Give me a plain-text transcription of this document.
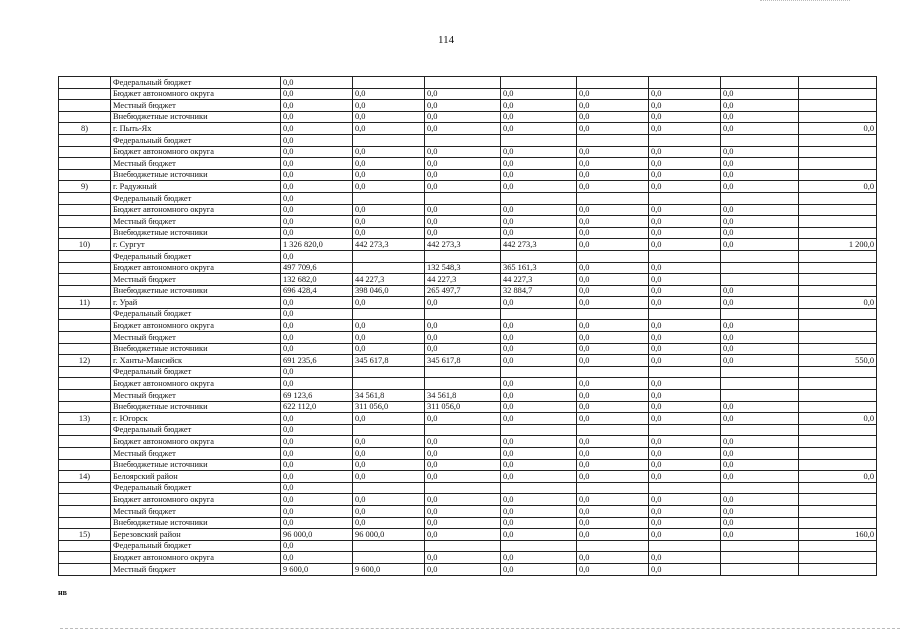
114
	Федеральный бюджет	0,0							
	Бюджет автономного округа	0,0	0,0	0,0	0,0	0,0	0,0	0,0	
	Местный бюджет	0,0	0,0	0,0	0,0	0,0	0,0	0,0	
	Внебюджетные источники	0,0	0,0	0,0	0,0	0,0	0,0	0,0	
8)	г. Пыть-Ях	0,0	0,0	0,0	0,0	0,0	0,0	0,0	0,0
	Федеральный бюджет	0,0							
	Бюджет автономного округа	0,0	0,0	0,0	0,0	0,0	0,0	0,0	
	Местный бюджет	0,0	0,0	0,0	0,0	0,0	0,0	0,0	
	Внебюджетные источники	0,0	0,0	0,0	0,0	0,0	0,0	0,0	
9)	г. Радужный	0,0	0,0	0,0	0,0	0,0	0,0	0,0	0,0
	Федеральный бюджет	0,0							
	Бюджет автономного округа	0,0	0,0	0,0	0,0	0,0	0,0	0,0	
	Местный бюджет	0,0	0,0	0,0	0,0	0,0	0,0	0,0	
	Внебюджетные источники	0,0	0,0	0,0	0,0	0,0	0,0	0,0	
10)	г. Сургут	1 326 820,0	442 273,3	442 273,3	442 273,3	0,0	0,0	0,0	1 200,0
	Федеральный бюджет	0,0							
	Бюджет автономного округа	497 709,6		132 548,3	365 161,3	0,0	0,0		
	Местный бюджет	132 682,0	44 227,3	44 227,3	44 227,3	0,0	0,0		
	Внебюджетные источники	696 428,4	398 046,0	265 497,7	32 884,7	0,0	0,0	0,0	
11)	г. Урай	0,0	0,0	0,0	0,0	0,0	0,0	0,0	0,0
	Федеральный бюджет	0,0							
	Бюджет автономного округа	0,0	0,0	0,0	0,0	0,0	0,0	0,0	
	Местный бюджет	0,0	0,0	0,0	0,0	0,0	0,0	0,0	
	Внебюджетные источники	0,0	0,0	0,0	0,0	0,0	0,0	0,0	
12)	г. Ханты-Мансийск	691 235,6	345 617,8	345 617,8	0,0	0,0	0,0	0,0	550,0
	Федеральный бюджет	0,0							
	Бюджет автономного округа	0,0			0,0	0,0	0,0		
	Местный бюджет	69 123,6	34 561,8	34 561,8	0,0	0,0	0,0		
	Внебюджетные источники	622 112,0	311 056,0	311 056,0	0,0	0,0	0,0	0,0	
13)	г. Югорск	0,0	0,0	0,0	0,0	0,0	0,0	0,0	0,0
	Федеральный бюджет	0,0							
	Бюджет автономного округа	0,0	0,0	0,0	0,0	0,0	0,0	0,0	
	Местный бюджет	0,0	0,0	0,0	0,0	0,0	0,0	0,0	
	Внебюджетные источники	0,0	0,0	0,0	0,0	0,0	0,0	0,0	
14)	Белоярский район	0,0	0,0	0,0	0,0	0,0	0,0	0,0	0,0
	Федеральный бюджет	0,0							
	Бюджет автономного округа	0,0	0,0	0,0	0,0	0,0	0,0	0,0	
	Местный бюджет	0,0	0,0	0,0	0,0	0,0	0,0	0,0	
	Внебюджетные источники	0,0	0,0	0,0	0,0	0,0	0,0	0,0	
15)	Березовский район	96 000,0	96 000,0	0,0	0,0	0,0	0,0	0,0	160,0
	Федеральный бюджет	0,0							
	Бюджет автономного округа	0,0		0,0	0,0	0,0	0,0		
	Местный бюджет	9 600,0	9 600,0	0,0	0,0	0,0	0,0		
нв
